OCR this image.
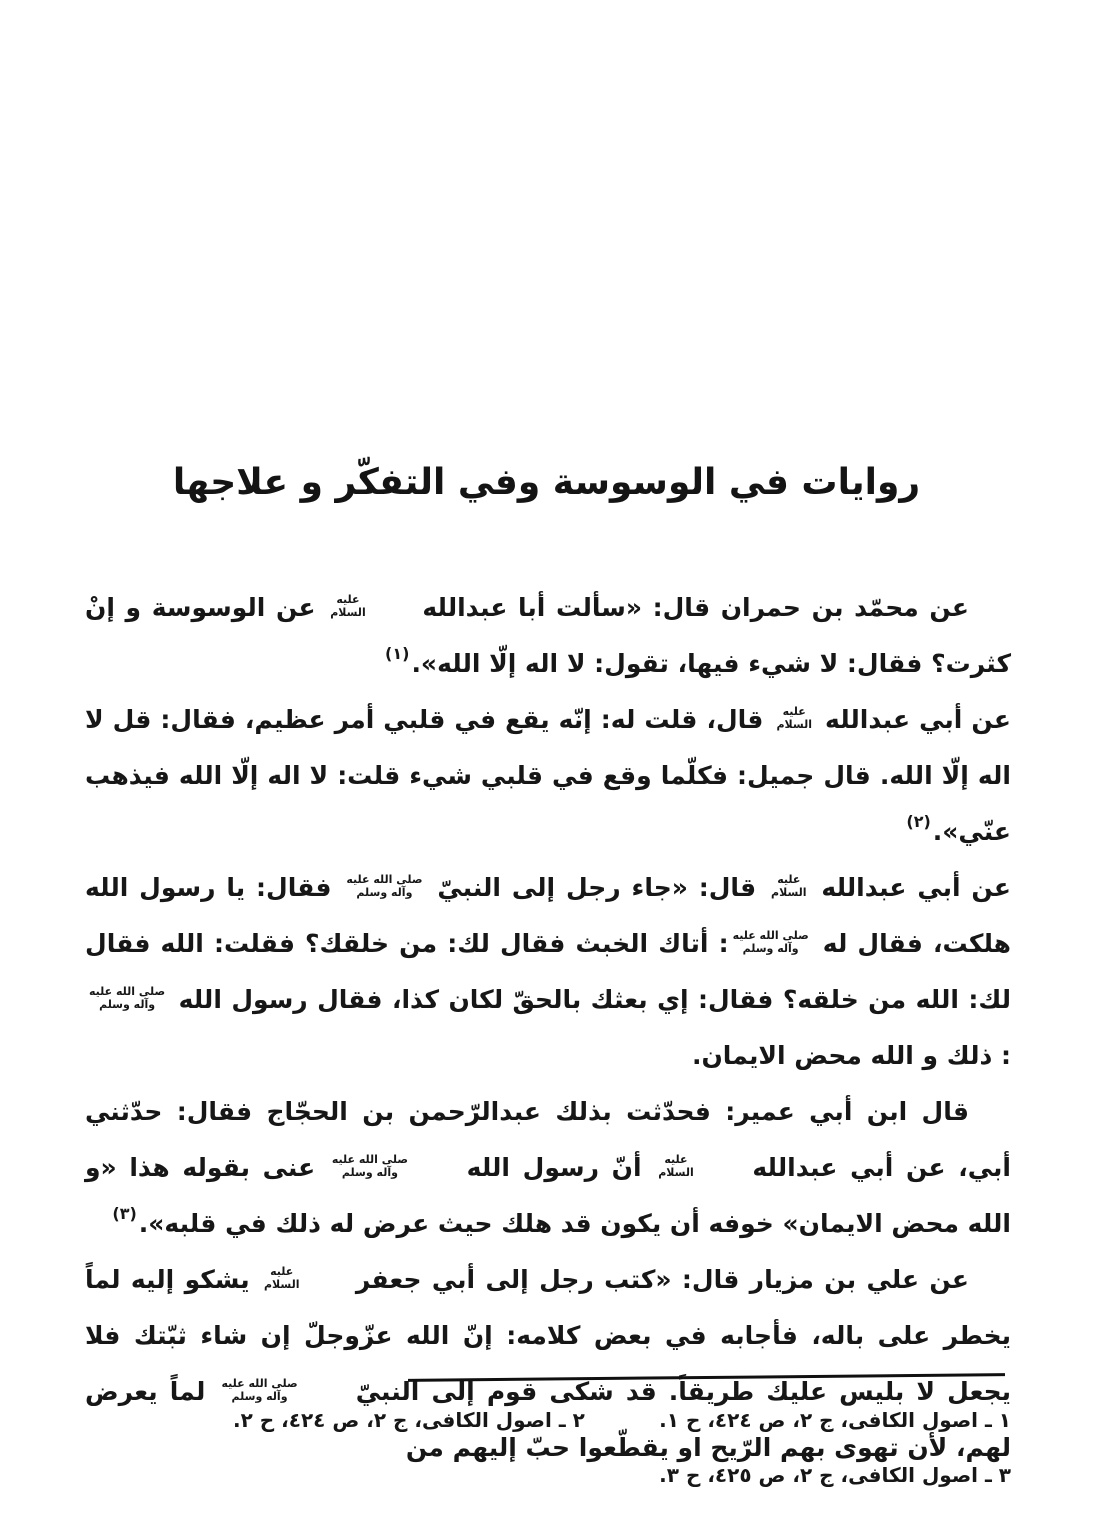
روايات في الوسوسة وفي التفكّر و علاجها

عن محمّد بن حمران قال: «سألت أبا عبدالله
عليه
السلام
عن الوسوسة و إنْ كثرت؟ فقال: لا شيء فيها، تقول: لا اله إلّا الله».$^{(١)}$

عن أبي عبدالله
عليه
السلام
قال، قلت له: إنّه يقع في قلبي أمر عظيم، فقال: قل لا اله إلّا الله. قال جميل: فكلّما وقع في قلبي شيء قلت: لا اله إلّا الله فيذهب عنّي».$^{(٢)}$

عن أبي عبدالله
عليه
السلام
قال: «جاء رجل إلى النبيّ
صلى الله عليه
وآله وسلم
فقال: يا رسول الله هلكت، فقال له
صلى الله عليه
وآله وسلم
: أتاك الخبث فقال لك: من خلقك؟ فقلت: الله فقال لك: الله من خلقه؟ فقال: إي بعثك بالحقّ لكان كذا، فقال رسول الله
صلى الله عليه
وآله وسلم
: ذلك و الله محض الايمان.

قال ابن أبي عمير: فحدّثت بذلك عبدالرّحمن بن الحجّاج فقال: حدّثني أبي، عن أبي عبدالله
عليه
السلام
أنّ رسول الله
صلى الله عليه
وآله وسلم
عنى بقوله هذا «و الله محض الايمان» خوفه أن يكون قد هلك حيث عرض له ذلك في قلبه».$^{(٣)}$

عن علي بن مزيار قال: «كتب رجل إلى أبي جعفر
عليه
السلام
يشكو إليه لماً يخطر على باله، فأجابه في بعض كلامه: إنّ الله عزّوجلّ إن شاء ثبّتك فلا يجعل لا بليس عليك طريقاً. قد شكى قوم إلى النبيّ
صلى الله عليه
وآله وسلم
لماً يعرض لهم، لأن تهوى بهم الرّيح او يقطّعوا حبّ إليهم من

١ ـ اصول الكافى، ج ٢، ص ٤٢٤، ح ١.
٢ ـ اصول الكافى، ج ٢، ص ٤٢٤، ح ٢.
٣ ـ اصول الكافى، ج ٢، ص ٤٢٥، ح ٣.
